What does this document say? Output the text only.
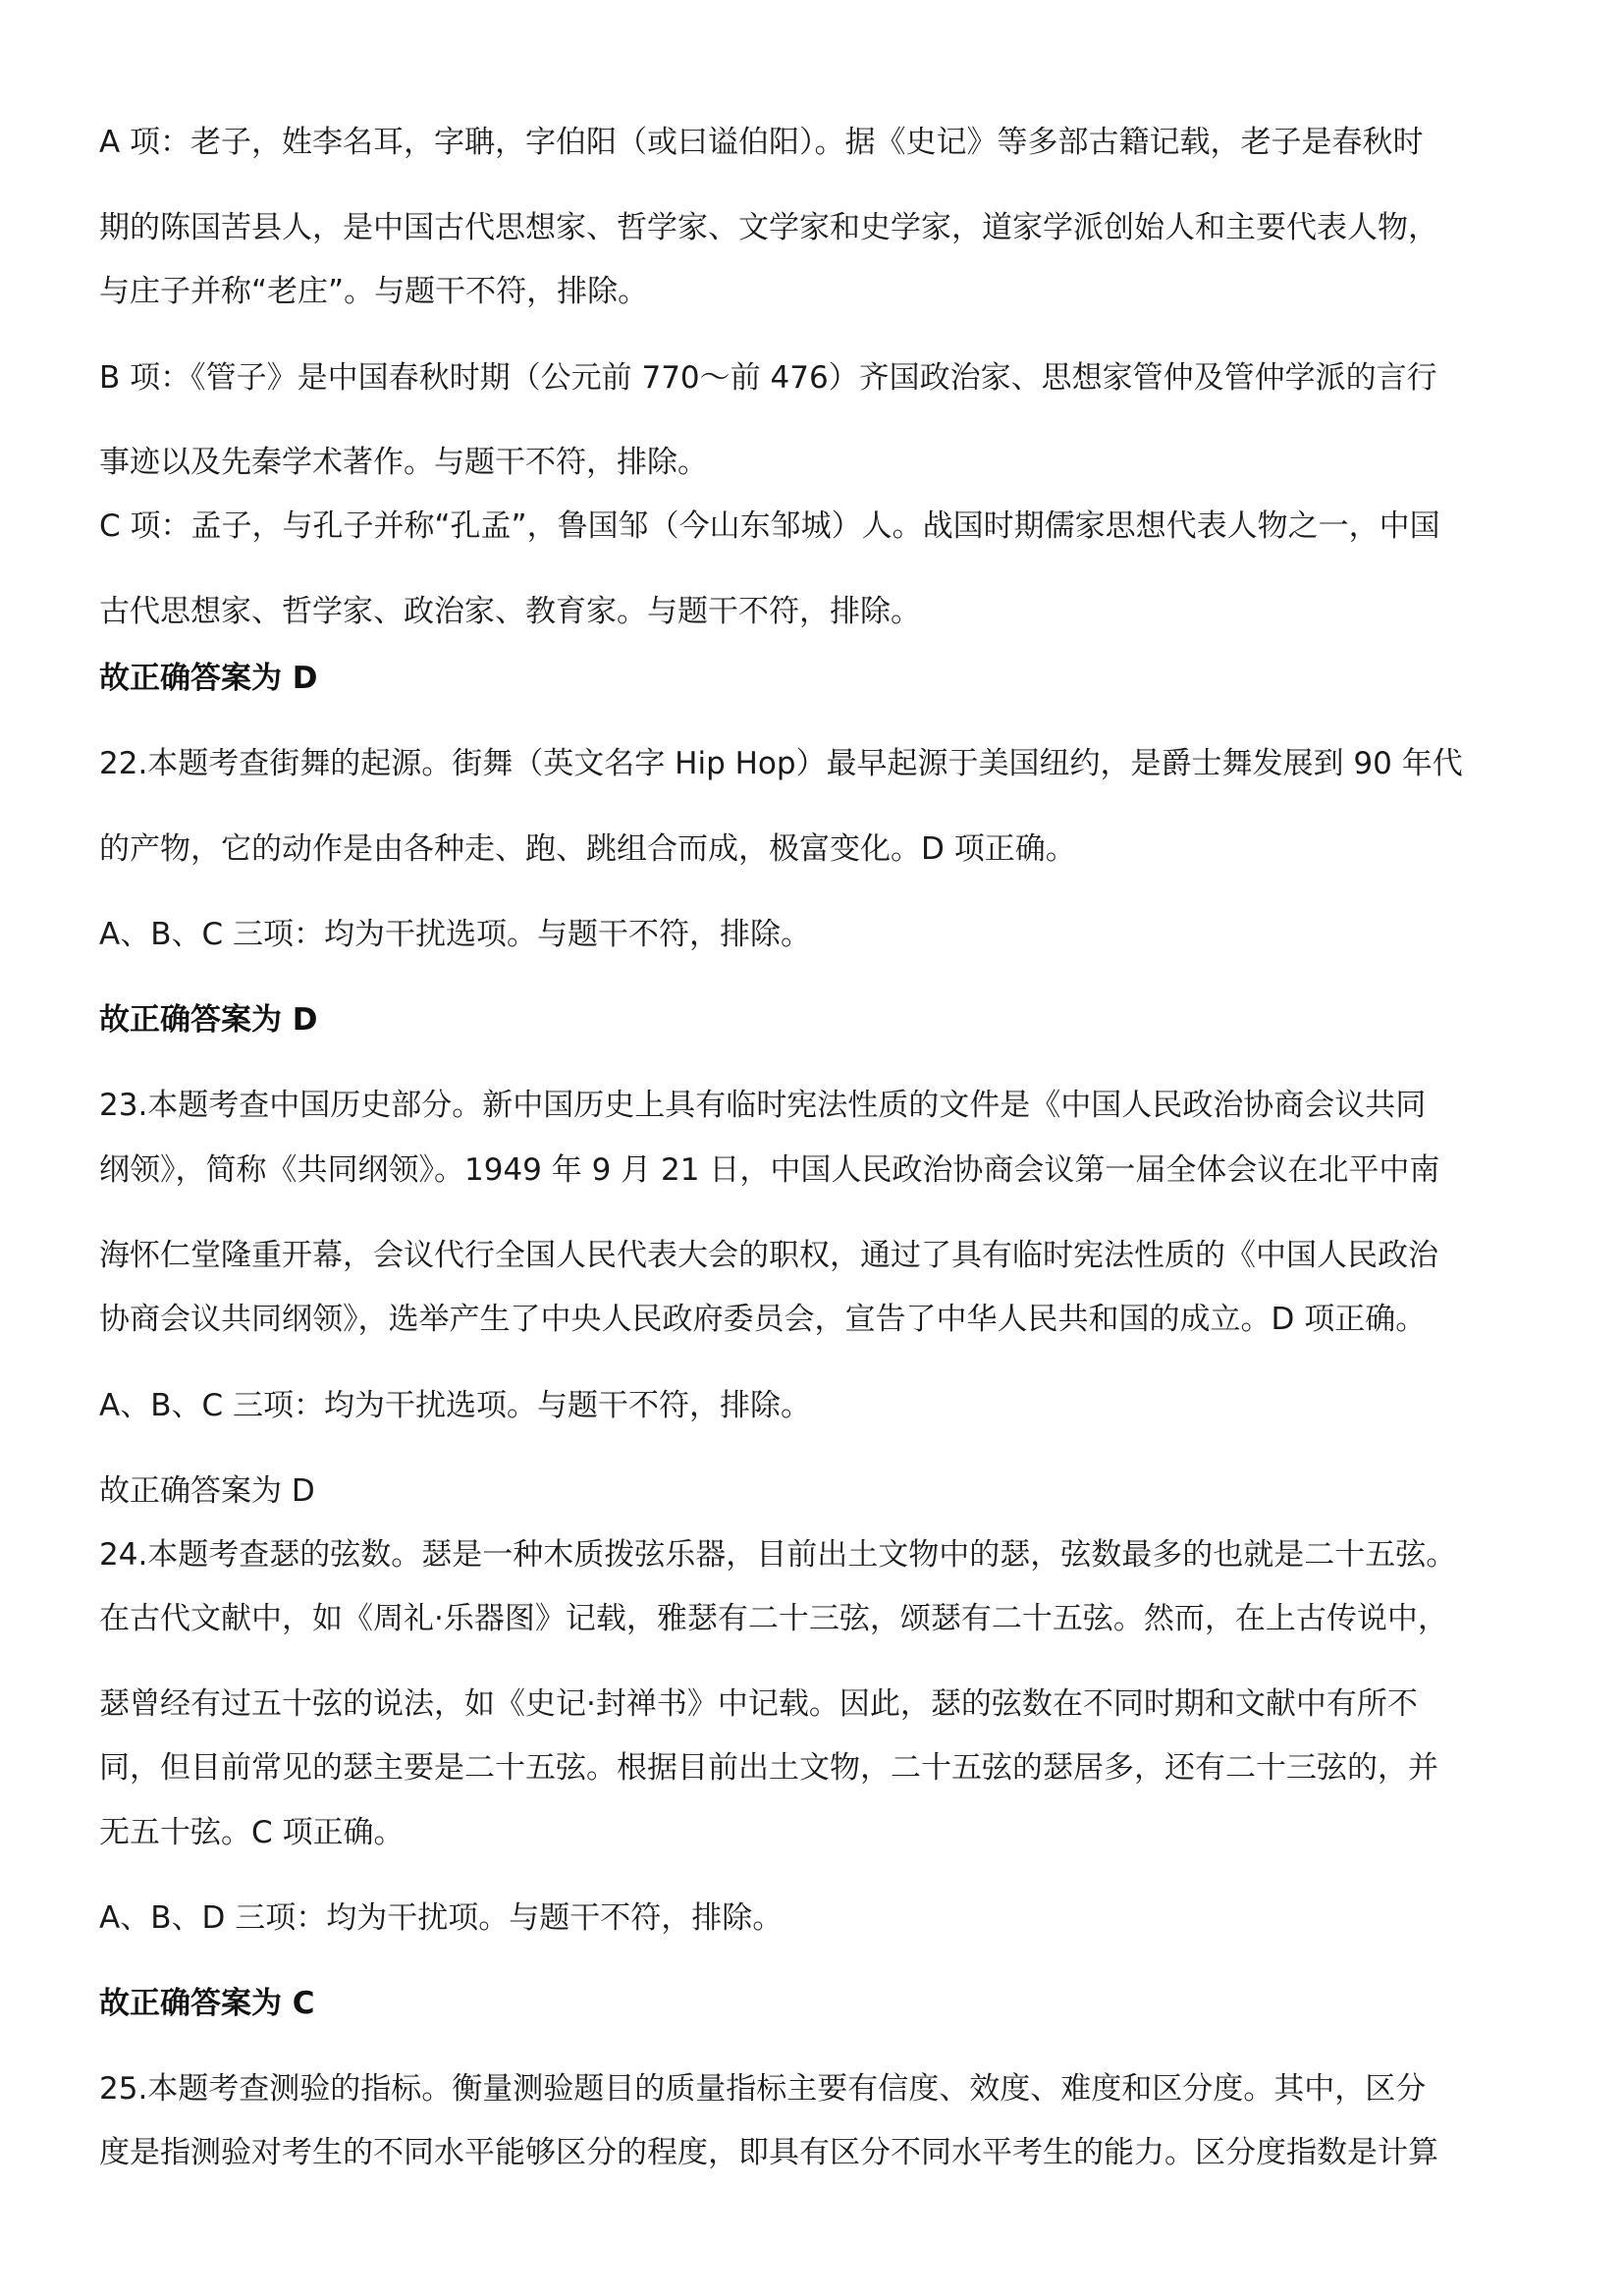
A 项：老子，姓李名耳，字聃，字伯阳（或曰谥伯阳）。据《史记》等多部古籍记载，老子是春秋时

期的陈国苦县人，是中国古代思想家、哲学家、文学家和史学家，道家学派创始人和主要代表人物，

与庄子并称“老庄”。与题干不符，排除。

B 项：《管子》是中国春秋时期（公元前 770～前 476）齐国政治家、思想家管仲及管仲学派的言行

事迹以及先秦学术著作。与题干不符，排除。

C 项：孟子，与孔子并称“孔孟”，鲁国邹（今山东邹城）人。战国时期儒家思想代表人物之一，中国

古代思想家、哲学家、政治家、教育家。与题干不符，排除。

故正确答案为 D

22.本题考查街舞的起源。街舞（英文名字 Hip Hop）最早起源于美国纽约，是爵士舞发展到 90 年代

的产物，它的动作是由各种走、跑、跳组合而成，极富变化。D 项正确。

A、B、C 三项：均为干扰选项。与题干不符，排除。

故正确答案为 D

23.本题考查中国历史部分。新中国历史上具有临时宪法性质的文件是《中国人民政治协商会议共同

纲领》，简称《共同纲领》。1949 年 9 月 21 日，中国人民政治协商会议第一届全体会议在北平中南

海怀仁堂隆重开幕，会议代行全国人民代表大会的职权，通过了具有临时宪法性质的《中国人民政治

协商会议共同纲领》，选举产生了中央人民政府委员会，宣告了中华人民共和国的成立。D 项正确。

A、B、C 三项：均为干扰选项。与题干不符，排除。

故正确答案为 D

24.本题考查瑟的弦数。瑟是一种木质拨弦乐器，目前出土文物中的瑟，弦数最多的也就是二十五弦。

在古代文献中，如《周礼·乐器图》记载，雅瑟有二十三弦，颂瑟有二十五弦。然而，在上古传说中，

瑟曾经有过五十弦的说法，如《史记·封禅书》中记载。因此，瑟的弦数在不同时期和文献中有所不

同，但目前常见的瑟主要是二十五弦。根据目前出土文物，二十五弦的瑟居多，还有二十三弦的，并

无五十弦。C 项正确。

A、B、D 三项：均为干扰项。与题干不符，排除。

故正确答案为 C

25.本题考查测验的指标。衡量测验题目的质量指标主要有信度、效度、难度和区分度。其中，区分

度是指测验对考生的不同水平能够区分的程度，即具有区分不同水平考生的能力。区分度指数是计算
